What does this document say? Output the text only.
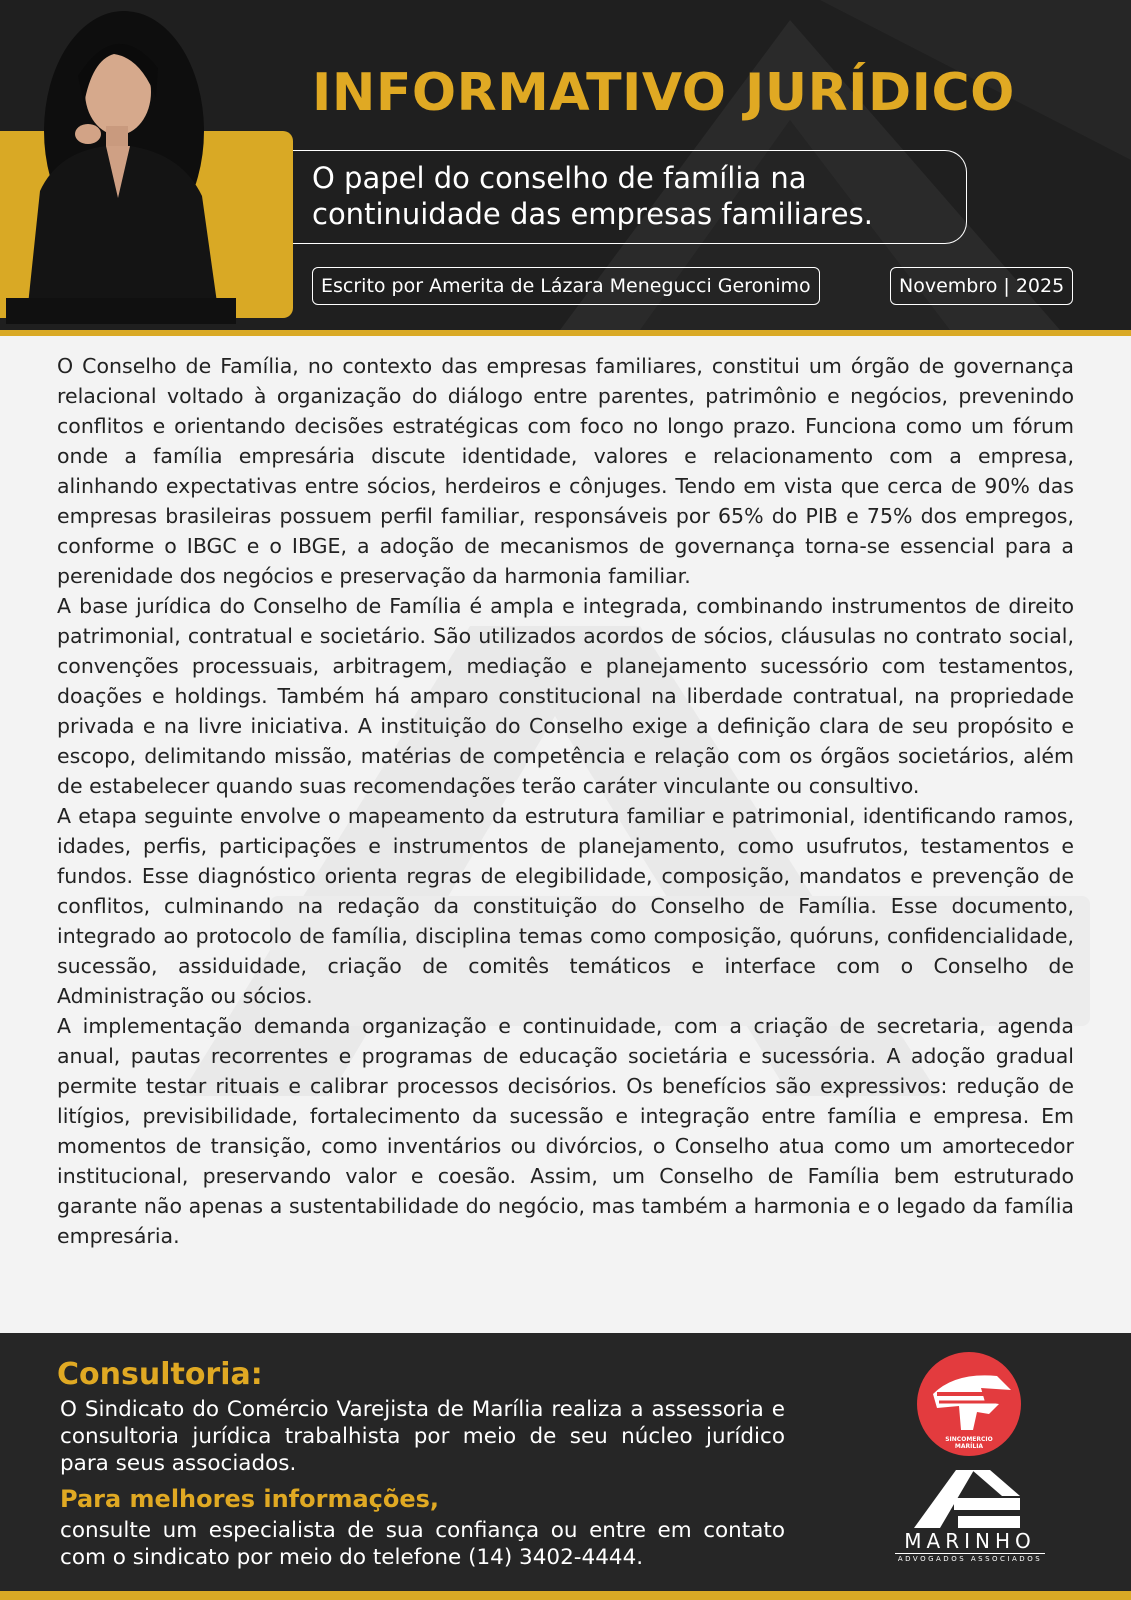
INFORMATIVO JURÍDICO
O papel do conselho de família na continuidade das empresas familiares.
Escrito por Amerita de Lázara Menegucci Geronimo	Novembro | 2025

O Conselho de Família, no contexto das empresas familiares, constitui um órgão de governança relacional voltado à organização do diálogo entre parentes, patrimônio e negócios, prevenindo conflitos e orientando decisões estratégicas com foco no longo prazo. Funciona como um fórum onde a família empresária discute identidade, valores e relacionamento com a empresa, alinhando expectativas entre sócios, herdeiros e cônjuges. Tendo em vista que cerca de 90% das empresas brasileiras possuem perfil familiar, responsáveis por 65% do PIB e 75% dos empregos, conforme o IBGC e o IBGE, a adoção de mecanismos de governança torna-se essencial para a perenidade dos negócios e preservação da harmonia familiar.

A base jurídica do Conselho de Família é ampla e integrada, combinando instrumentos de direito patrimonial, contratual e societário. São utilizados acordos de sócios, cláusulas no contrato social, convenções processuais, arbitragem, mediação e planejamento sucessório com testamentos, doações e holdings. Também há amparo constitucional na liberdade contratual, na propriedade privada e na livre iniciativa. A instituição do Conselho exige a definição clara de seu propósito e escopo, delimitando missão, matérias de competência e relação com os órgãos societários, além de estabelecer quando suas recomendações terão caráter vinculante ou consultivo.

A etapa seguinte envolve o mapeamento da estrutura familiar e patrimonial, identificando ramos, idades, perfis, participações e instrumentos de planejamento, como usufrutos, testamentos e fundos. Esse diagnóstico orienta regras de elegibilidade, composição, mandatos e prevenção de conflitos, culminando na redação da constituição do Conselho de Família. Esse documento, integrado ao protocolo de família, disciplina temas como composição, quóruns, confidencialidade, sucessão, assiduidade, criação de comitês temáticos e interface com o Conselho de Administração ou sócios.

A implementação demanda organização e continuidade, com a criação de secretaria, agenda anual, pautas recorrentes e programas de educação societária e sucessória. A adoção gradual permite testar rituais e calibrar processos decisórios. Os benefícios são expressivos: redução de litígios, previsibilidade, fortalecimento da sucessão e integração entre família e empresa. Em momentos de transição, como inventários ou divórcios, o Conselho atua como um amortecedor institucional, preservando valor e coesão. Assim, um Conselho de Família bem estruturado garante não apenas a sustentabilidade do negócio, mas também a harmonia e o legado da família empresária.

Consultoria:

O Sindicato do Comércio Varejista de Marília realiza a assessoria e consultoria jurídica trabalhista por meio de seu núcleo jurídico para seus associados.

Para melhores informações,

consulte um especialista de sua confiança ou entre em contato com o sindicato por meio do telefone (14) 3402-4444.

SINCOMERCIO MARÍLIA
MARINHO
ADVOGADOS ASSOCIADOS
